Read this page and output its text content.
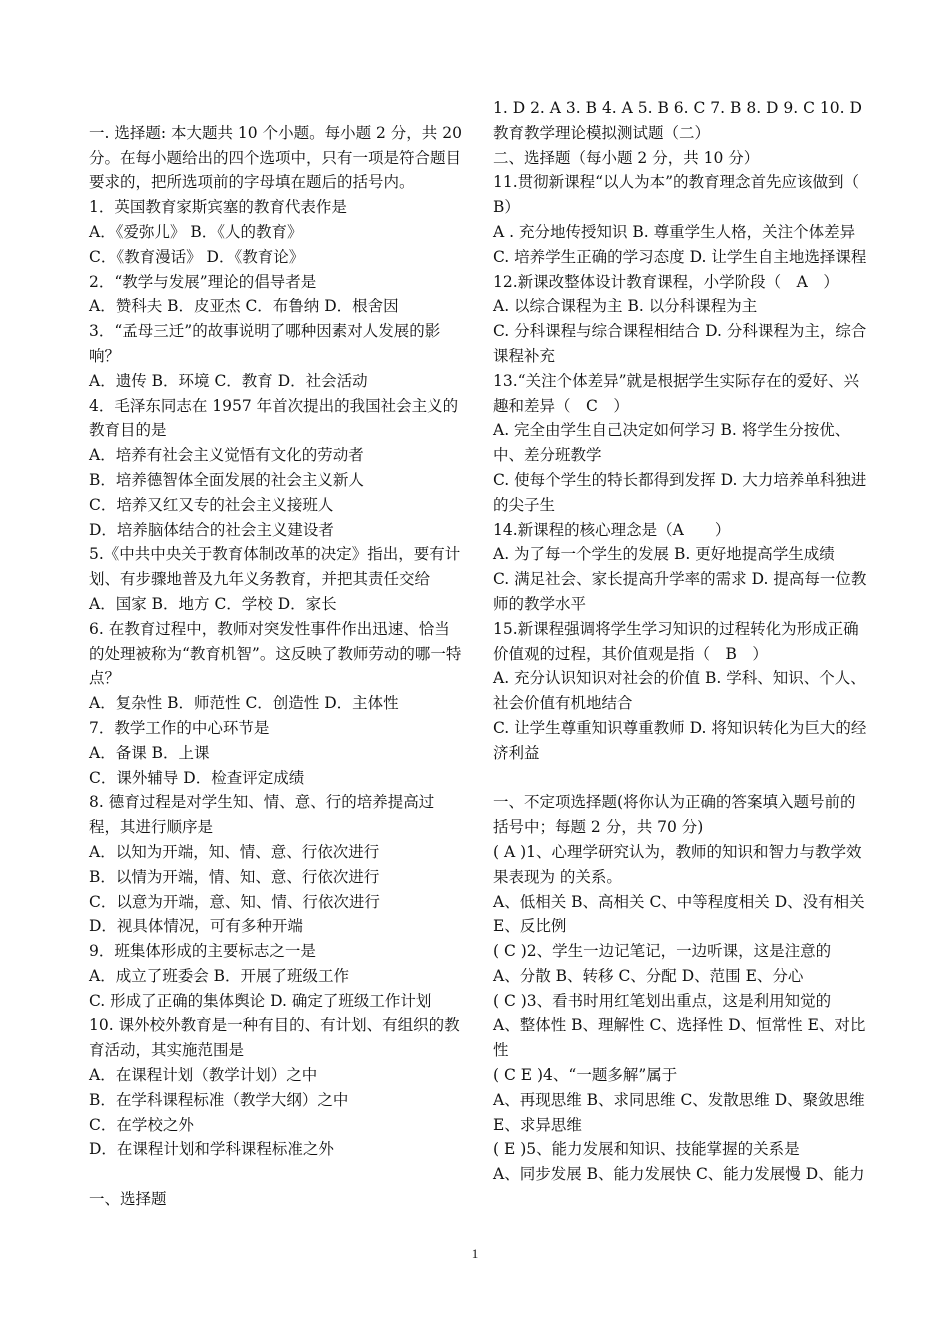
一. 选择题: 本大题共 10 个小题。每小题 2 分，共 20 分。在每小题给出的四个选项中，只有一项是符合题目要求的，把所选项前的字母填在题后的括号内。
1．英国教育家斯宾塞的教育代表作是
A．《爱弥儿》 B．《人的教育》
C．《教育漫话》 D．《教育论》
2．“教学与发展”理论的倡导者是
A．赞科夫 B．皮亚杰 C．布鲁纳 D．根舍因
3．“孟母三迁”的故事说明了哪种因素对人发展的影响？
A．遗传 B．环境 C．教育 D．社会活动
4．毛泽东同志在 1957 年首次提出的我国社会主义的教育目的是
A．培养有社会主义觉悟有文化的劳动者
B．培养德智体全面发展的社会主义新人
C．培养又红又专的社会主义接班人
D．培养脑体结合的社会主义建设者
5.《中共中央关于教育体制改革的决定》指出，要有计划、有步骤地普及九年义务教育，并把其责任交给
A．国家 B．地方 C．学校 D．家长
6. 在教育过程中，教师对突发性事件作出迅速、恰当的处理被称为“教育机智”。这反映了教师劳动的哪一特点？
A．复杂性 B．师范性 C．创造性 D．主体性
7．教学工作的中心环节是
A．备课 B．上课
C．课外辅导 D．检查评定成绩
8. 德育过程是对学生知、情、意、行的培养提高过程，其进行顺序是
A．以知为开端，知、情、意、行依次进行
B．以情为开端，情、知、意、行依次进行
C．以意为开端，意、知、情、行依次进行
D．视具体情况，可有多种开端
9．班集体形成的主要标志之一是
A．成立了班委会 B．开展了班级工作
C. 形成了正确的集体舆论 D. 确定了班级工作计划
10. 课外校外教育是一种有目的、有计划、有组织的教育活动，其实施范围是
A．在课程计划（教学计划）之中
B．在学科课程标准（教学大纲）之中
C．在学校之外
D．在课程计划和学科课程标准之外
一、选择题
1. D 2. A 3. B 4. A 5. B 6. C 7. B 8. D 9. C 10. D
教育教学理论模拟测试题（二）
二、选择题（每小题 2 分，共 10 分）
11.贯彻新课程“以人为本”的教育理念首先应该做到（　　B）
A . 充分地传授知识 B. 尊重学生人格，关注个体差异
C. 培养学生正确的学习态度 D. 让学生自主地选择课程
12.新课改整体设计教育课程，小学阶段（　A　）
A. 以综合课程为主 B. 以分科课程为主
C. 分科课程与综合课程相结合 D. 分科课程为主，综合课程补充
13.“关注个体差异”就是根据学生实际存在的爱好、兴趣和差异（　C　）
A. 完全由学生自己决定如何学习 B. 将学生分按优、中、差分班教学
C. 使每个学生的特长都得到发挥 D. 大力培养单科独进的尖子生
14.新课程的核心理念是（A　　）
A. 为了每一个学生的发展 B. 更好地提高学生成绩
C. 满足社会、家长提高升学率的需求 D. 提高每一位教师的教学水平
15.新课程强调将学生学习知识的过程转化为形成正确价值观的过程，其价值观是指（　B　）
A. 充分认识知识对社会的价值 B. 学科、知识、个人、社会价值有机地结合
C. 让学生尊重知识尊重教师 D. 将知识转化为巨大的经济利益
一、不定项选择题(将你认为正确的答案填入题号前的括号中；每题 2 分，共 70 分)
( A )1、心理学研究认为，教师的知识和智力与教学效果表现为 的关系。
A、低相关 B、高相关 C、中等程度相关 D、没有相关 E、反比例
( C )2、学生一边记笔记，一边听课，这是注意的
A、分散 B、转移 C、分配 D、范围 E、分心
( C )3、看书时用红笔划出重点，这是利用知觉的
A、整体性 B、理解性 C、选择性 D、恒常性 E、对比性
( C E )4、“一题多解”属于
A、再现思维 B、求同思维 C、发散思维 D、聚敛思维 E、求异思维
( E )5、能力发展和知识、技能掌握的关系是
A、同步发展 B、能力发展快 C、能力发展慢 D、能力
1
